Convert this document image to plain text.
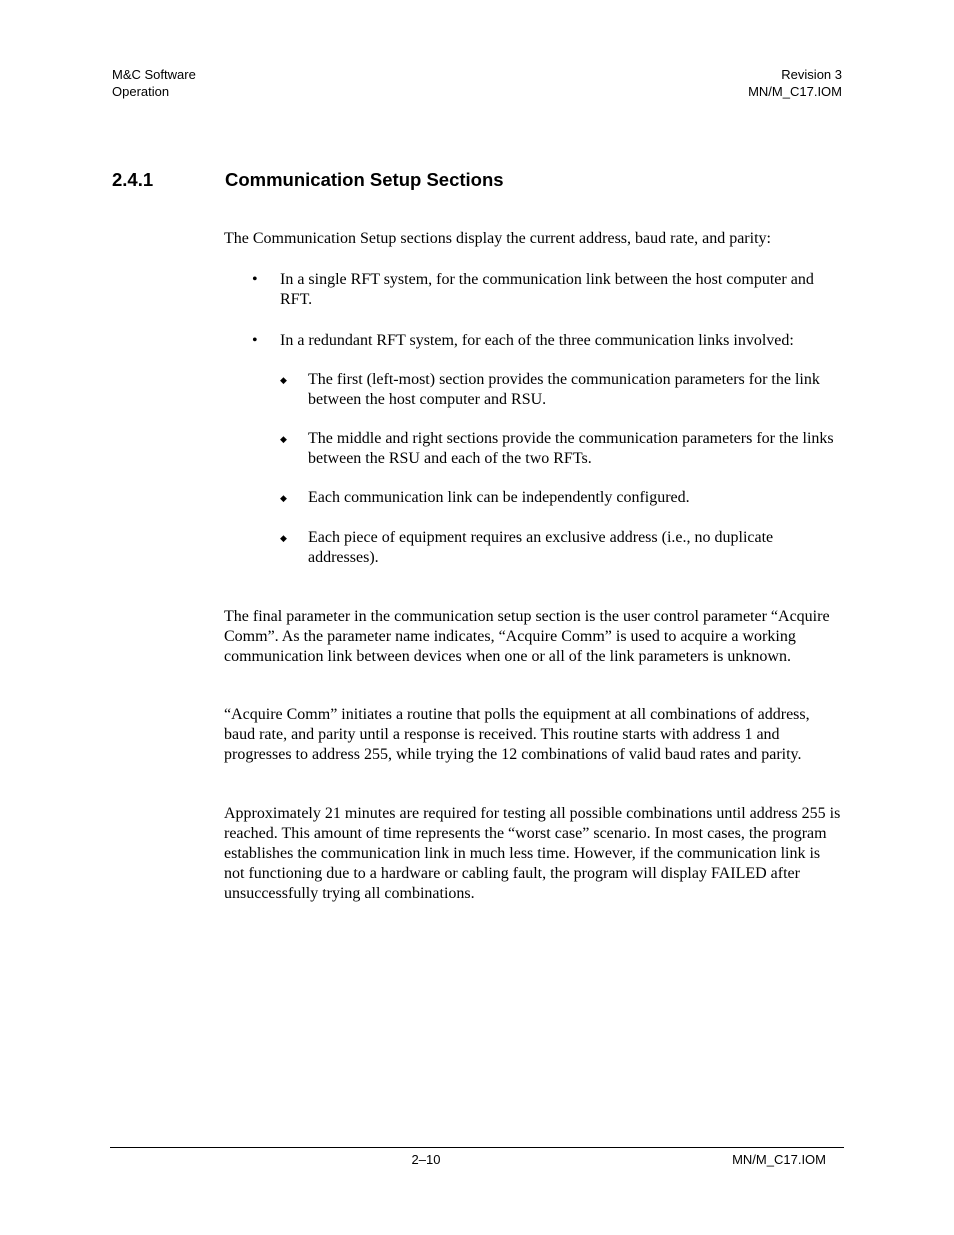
M&C Software
Operation
Revision 3
MN/M_C17.IOM
2.4.1	Communication Setup Sections

The Communication Setup sections display the current address, baud rate, and parity:

• In a single RFT system, for the communication link between the host computer and RFT.
• In a redundant RFT system, for each of the three communication links involved:
◆ The first (left-most) section provides the communication parameters for the link between the host computer and RSU.
◆ The middle and right sections provide the communication parameters for the links between the RSU and each of the two RFTs.
◆ Each communication link can be independently configured.
◆ Each piece of equipment requires an exclusive address (i.e., no duplicate addresses).

The final parameter in the communication setup section is the user control parameter “Acquire Comm”. As the parameter name indicates, “Acquire Comm” is used to acquire a working communication link between devices when one or all of the link parameters is unknown.

“Acquire Comm” initiates a routine that polls the equipment at all combinations of address, baud rate, and parity until a response is received. This routine starts with address 1 and progresses to address 255, while trying the 12 combinations of valid baud rates and parity.

Approximately 21 minutes are required for testing all possible combinations until address 255 is reached. This amount of time represents the “worst case” scenario. In most cases, the program establishes the communication link in much less time. However, if the communication link is not functioning due to a hardware or cabling fault, the program will display FAILED after unsuccessfully trying all combinations.

2–10	MN/M_C17.IOM
